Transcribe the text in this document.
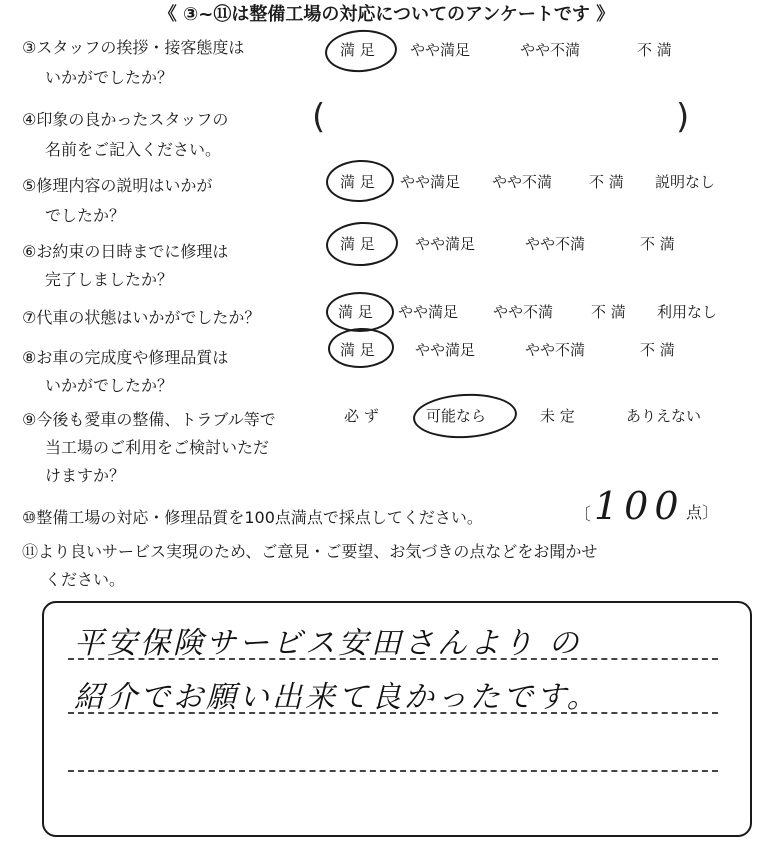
《 ③~⑪は整備工場の対応についてのアンケートです 》
③スタッフの挨拶・接客態度は
いかがでしたか？
満 足 やや満足	やや不満	不 満
④印象の良かったスタッフの
名前をご記入ください。
(	)
⑤修理内容の説明はいかが
でしたか？
満 足 やや満足 やや不満 不 満 説明なし
⑥お約束の日時までに修理は
完了しましたか？
満 足	やや満足	やや不満	不 満
⑦代車の状態はいかがでしたか？	満 足 やや満足 やや不満	不 満 利用なし
⑧お車の完成度や修理品質は
いかがでしたか？
満 足	やや満足	やや不満	不 満
⑨今後も愛車の整備、トラブル等で
当工場のご利用をご検討いただ
けますか？
必 ず	可能なら	未 定	ありえない
⑩整備工場の対応・修理品質を100点満点で採点してください。	〔 100 点〕
⑪より良いサービス実現のため、ご意見・ご要望、お気づきの点などをお聞かせ
ください。
平安保険サービス安田さんより の
紹介でお願い出来て良かったです。
